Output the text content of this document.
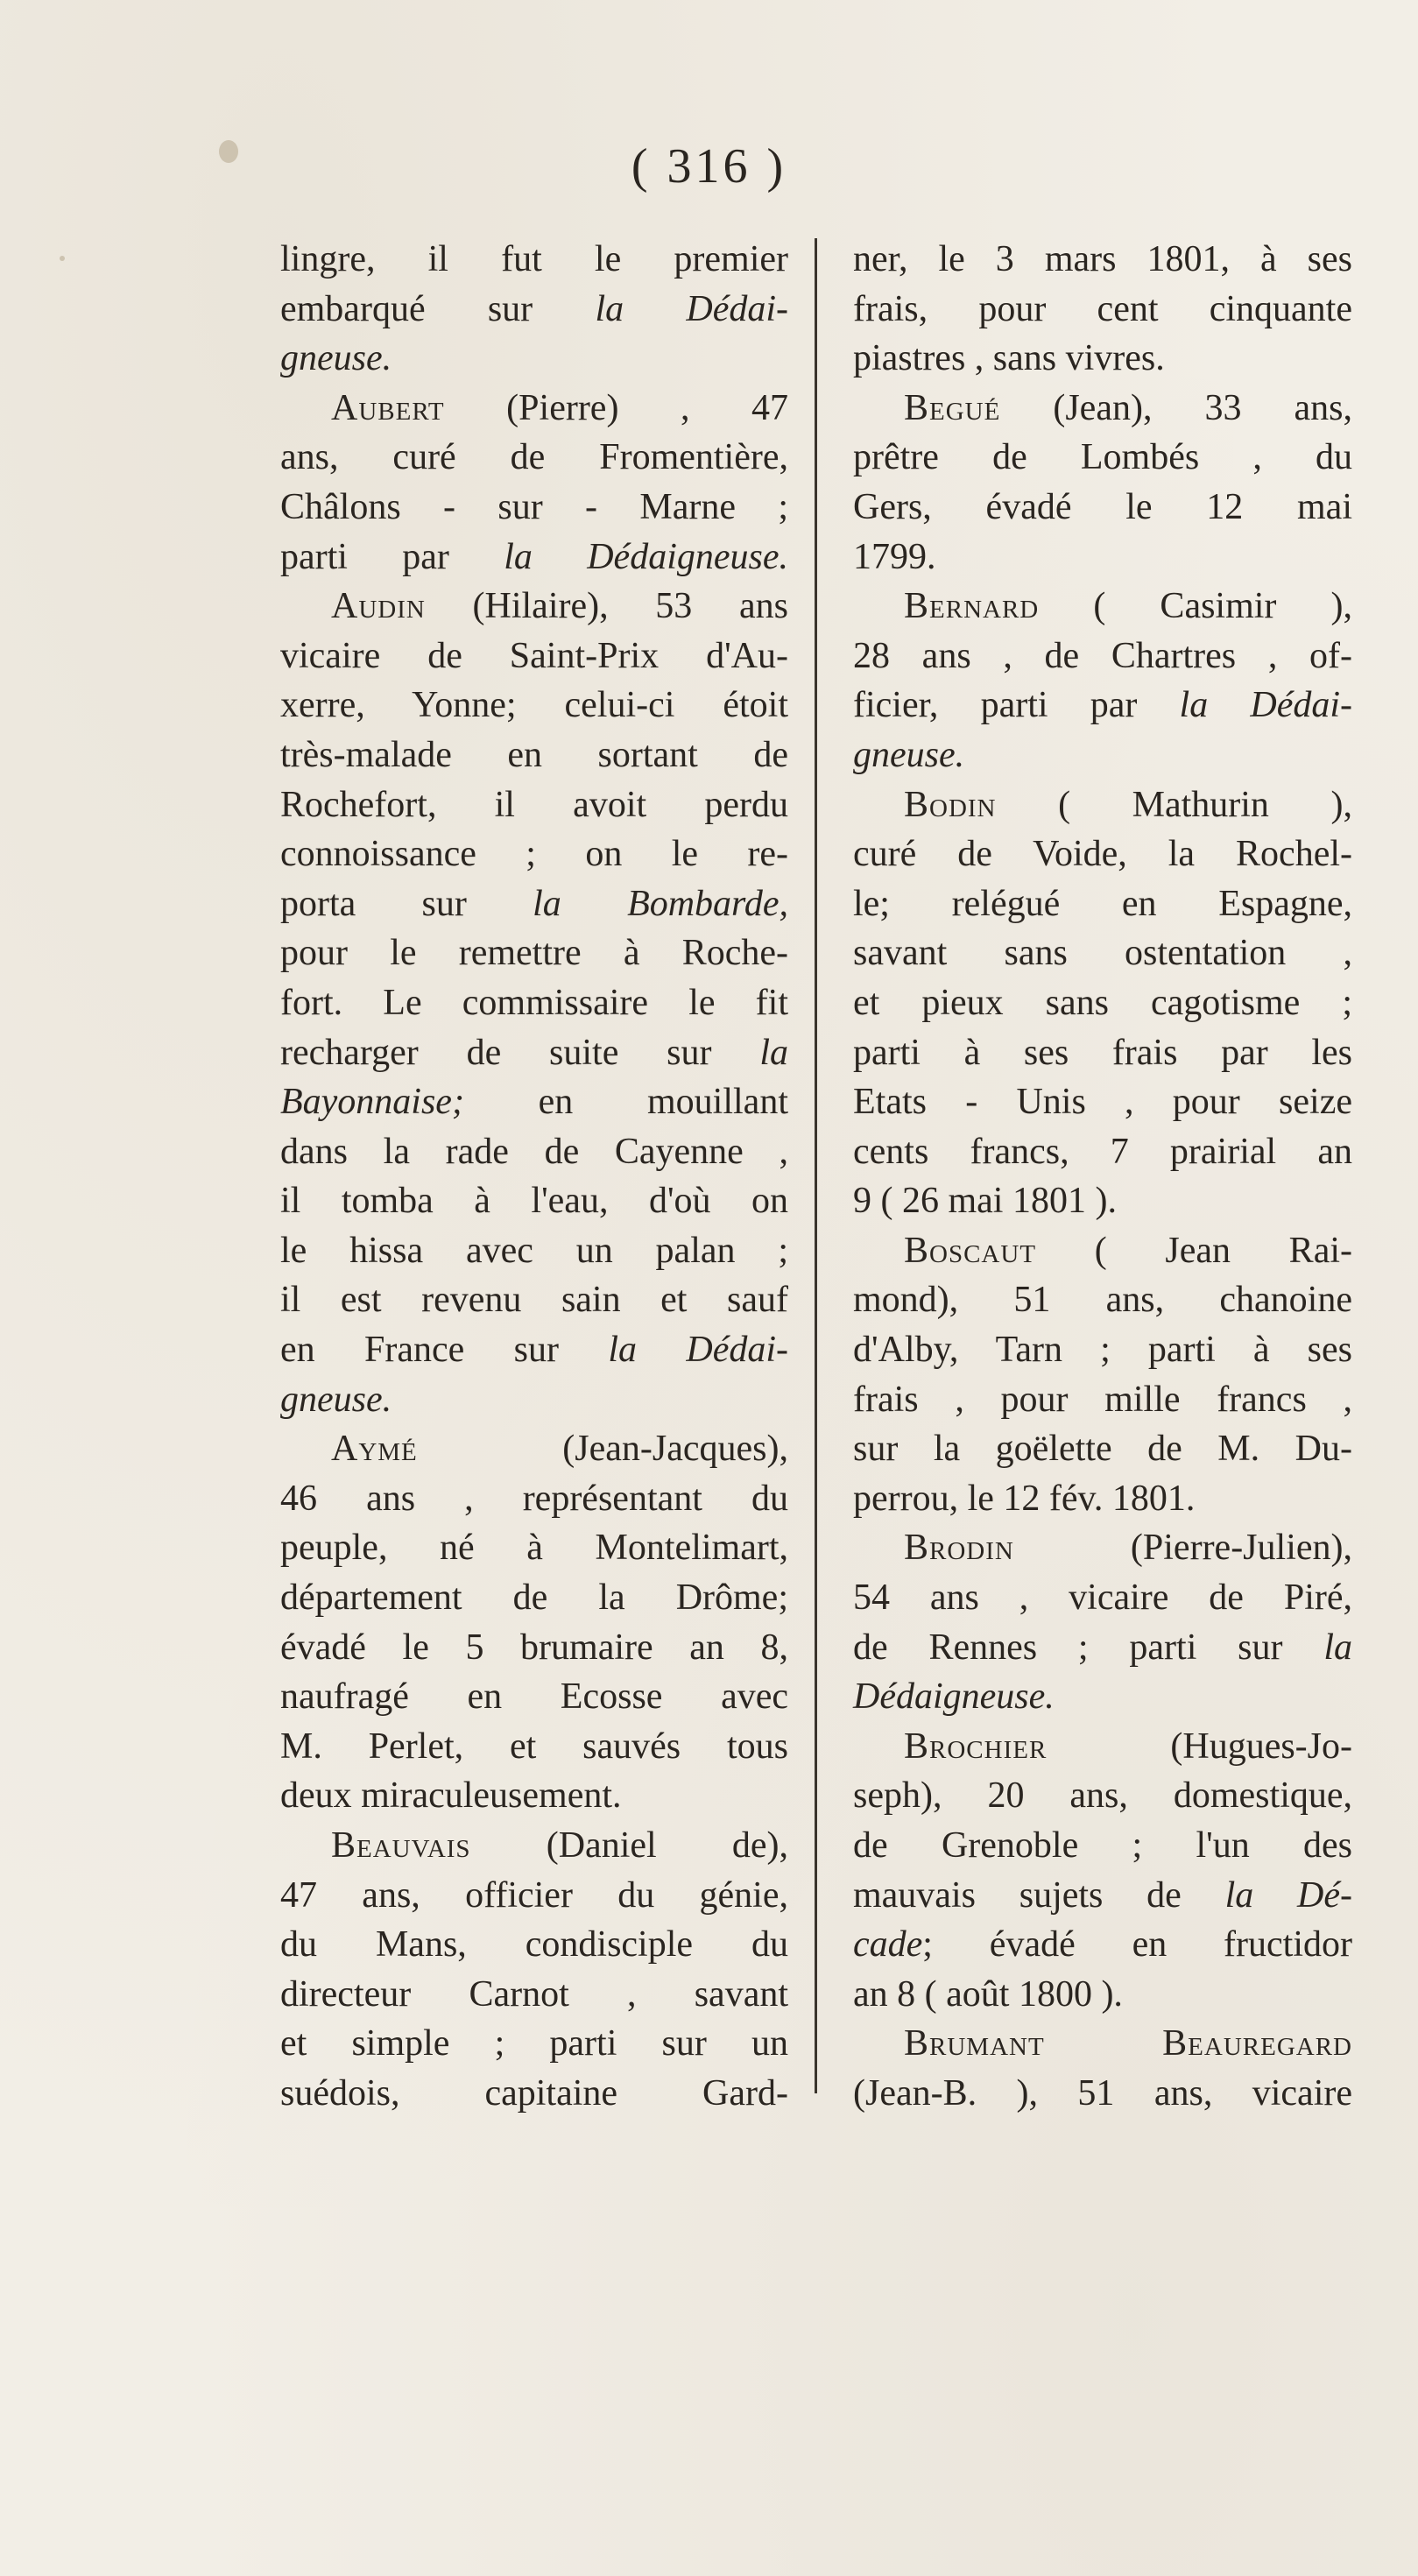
( 316 )
lingre, il fut le premier
embarqué sur la Dédai-
gneuse.
Aubert (Pierre) , 47
ans, curé de Fromentière,
Châlons - sur - Marne ;
parti par la Dédaigneuse.
Audin (Hilaire), 53 ans
vicaire de Saint-Prix d'Au-
xerre, Yonne; celui-ci étoit
très-malade en sortant de
Rochefort, il avoit perdu
connoissance ; on le re-
porta sur la Bombarde,
pour le remettre à Roche-
fort. Le commissaire le fit
recharger de suite sur la
Bayonnaise; en mouillant
dans la rade de Cayenne ,
il tomba à l'eau, d'où on
le hissa avec un palan ;
il est revenu sain et sauf
en France sur la Dédai-
gneuse.
Aymé (Jean-Jacques),
46 ans , représentant du
peuple, né à Montelimart,
département de la Drôme;
évadé le 5 brumaire an 8,
naufragé en Ecosse avec
M. Perlet, et sauvés tous
deux miraculeusement.
Beauvais (Daniel de),
47 ans, officier du génie,
du Mans, condisciple du
directeur Carnot , savant
et simple ; parti sur un
suédois, capitaine Gard-
ner, le 3 mars 1801, à ses
frais, pour cent cinquante
piastres , sans vivres.
Begué (Jean), 33 ans,
prêtre de Lombés , du
Gers, évadé le 12 mai
1799.
Bernard ( Casimir ),
28 ans , de Chartres , of-
ficier, parti par la Dédai-
gneuse.
Bodin ( Mathurin ),
curé de Voide, la Rochel-
le; relégué en Espagne,
savant sans ostentation ,
et pieux sans cagotisme ;
parti à ses frais par les
Etats - Unis , pour seize
cents francs, 7 prairial an
9 ( 26 mai 1801 ).
Boscaut ( Jean Rai-
mond), 51 ans, chanoine
d'Alby, Tarn ; parti à ses
frais , pour mille francs ,
sur la goëlette de M. Du-
perrou, le 12 fév. 1801.
Brodin (Pierre-Julien),
54 ans , vicaire de Piré,
de Rennes ; parti sur la
Dédaigneuse.
Brochier (Hugues-Jo-
seph), 20 ans, domestique,
de Grenoble ; l'un des
mauvais sujets de la Dé-
cade; évadé en fructidor
an 8 ( août 1800 ).
Brumant Beauregard
(Jean-B. ), 51 ans, vicaire
